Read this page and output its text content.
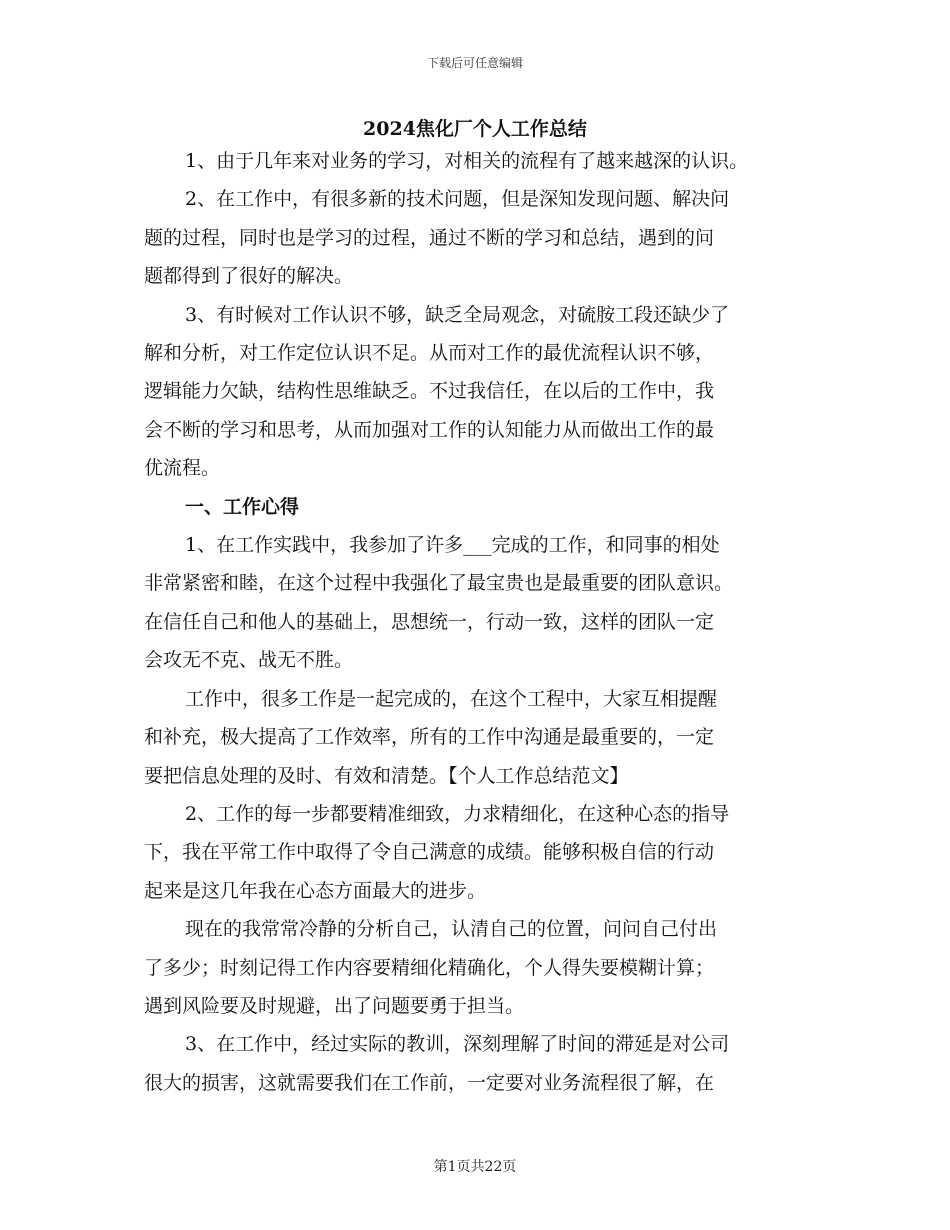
下载后可任意编辑
2024焦化厂个人工作总结
1、由于几年来对业务的学习，对相关的流程有了越来越深的认识。
2、在工作中，有很多新的技术问题，但是深知发现问题、解决问
题的过程，同时也是学习的过程，通过不断的学习和总结，遇到的问
题都得到了很好的解决。
3、有时候对工作认识不够，缺乏全局观念，对硫胺工段还缺少了
解和分析，对工作定位认识不足。从而对工作的最优流程认识不够，
逻辑能力欠缺，结构性思维缺乏。不过我信任，在以后的工作中，我
会不断的学习和思考，从而加强对工作的认知能力从而做出工作的最
优流程。
一、工作心得
1、在工作实践中，我参加了许多___完成的工作，和同事的相处
非常紧密和睦，在这个过程中我强化了最宝贵也是最重要的团队意识。
在信任自己和他人的基础上，思想统一，行动一致，这样的团队一定
会攻无不克、战无不胜。
工作中，很多工作是一起完成的，在这个工程中，大家互相提醒
和补充，极大提高了工作效率，所有的工作中沟通是最重要的，一定
要把信息处理的及时、有效和清楚。【个人工作总结范文】
2、工作的每一步都要精准细致，力求精细化，在这种心态的指导
下，我在平常工作中取得了令自己满意的成绩。能够积极自信的行动
起来是这几年我在心态方面最大的进步。
现在的我常常冷静的分析自己，认清自己的位置，问问自己付出
了多少；时刻记得工作内容要精细化精确化，个人得失要模糊计算；
遇到风险要及时规避，出了问题要勇于担当。
3、在工作中，经过实际的教训，深刻理解了时间的滞延是对公司
很大的损害，这就需要我们在工作前，一定要对业务流程很了解，在
第1页共22页
